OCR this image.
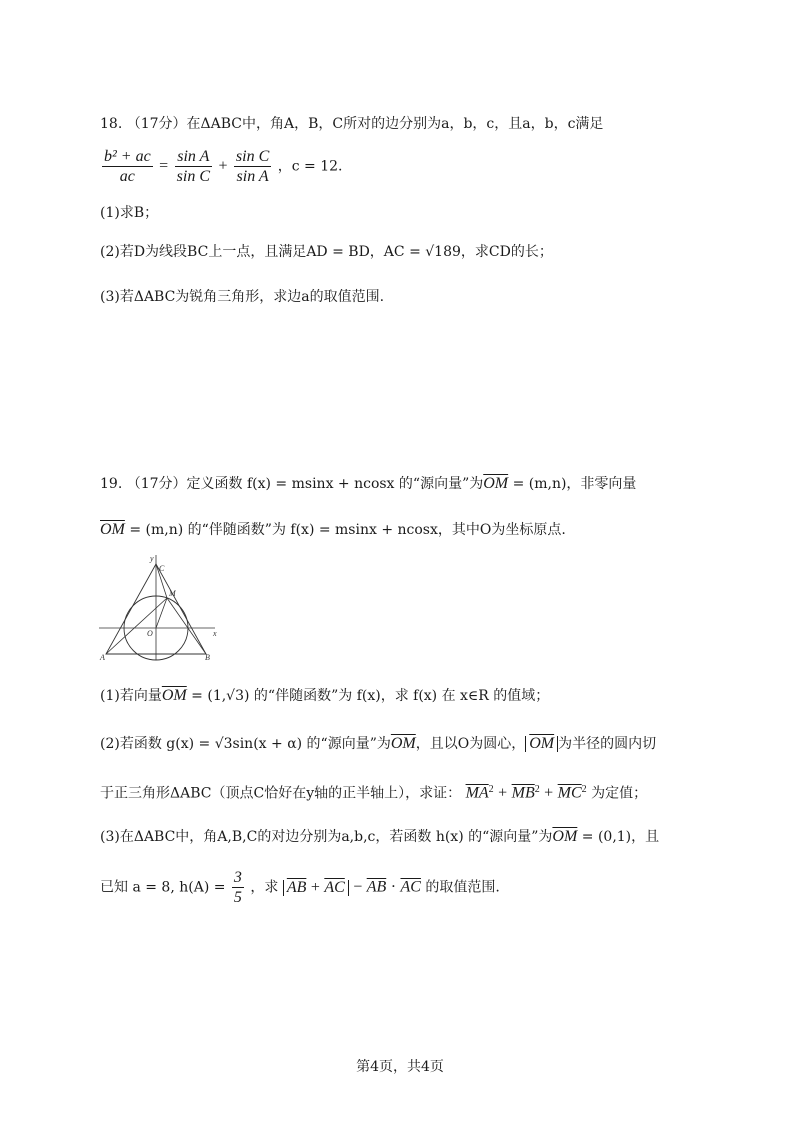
18. （17分）在ΔABC中，角A，B，C所对的边分别为a，b，c，且a，b，c满足
$\frac{\text{b² + ac}}{ac} = \frac{\text{sin A}}{\text{sin C}} + \frac{\text{sin C}}{\text{sin A}}$ ，c = 12.
(1)求B；
(2)若D为线段BC上一点，且满足AD = BD，AC = √189，求CD的长；
(3)若ΔABC为锐角三角形，求边a的取值范围.
19. （17分）定义函数 f(x) = msinx + ncosx 的“源向量”为$\overline{OM} = (m,n)$，非零向量
$\overline{OM} = (m,n)$ 的“伴随函数”为 f(x) = msinx + ncosx，其中O为坐标原点.
y
x
C
M
O
A	B
(1)若向量$\overline{OM} = (1,√3)$ 的“伴随函数”为 f(x)，求 f(x) 在 x∈R 的值域；
(2)若函数 g(x) = √3sin(x + α) 的“源向量”为$\overline{OM}$，且以O为圆心， $\overline{OM}$ 为半径的圆内切
于正三角形ΔABC（顶点C恰好在y轴的正半轴上），求证： $\overline{MA}^2 + \overline{MB}^2 + \overline{MC}^2$ 为定值；
(3)在ΔABC中，角A,B,C的对边分别为a,b,c，若函数 h(x) 的“源向量”为$\overline{OM} = (0,1)$，且
已知 a = 8, $h(A) = \frac{3}{5}$ ，求 $\overline{AB} + \overline{AC} - \overline{AB} \cdot \overline{AC}$ 的取值范围.
第4页，共4页
